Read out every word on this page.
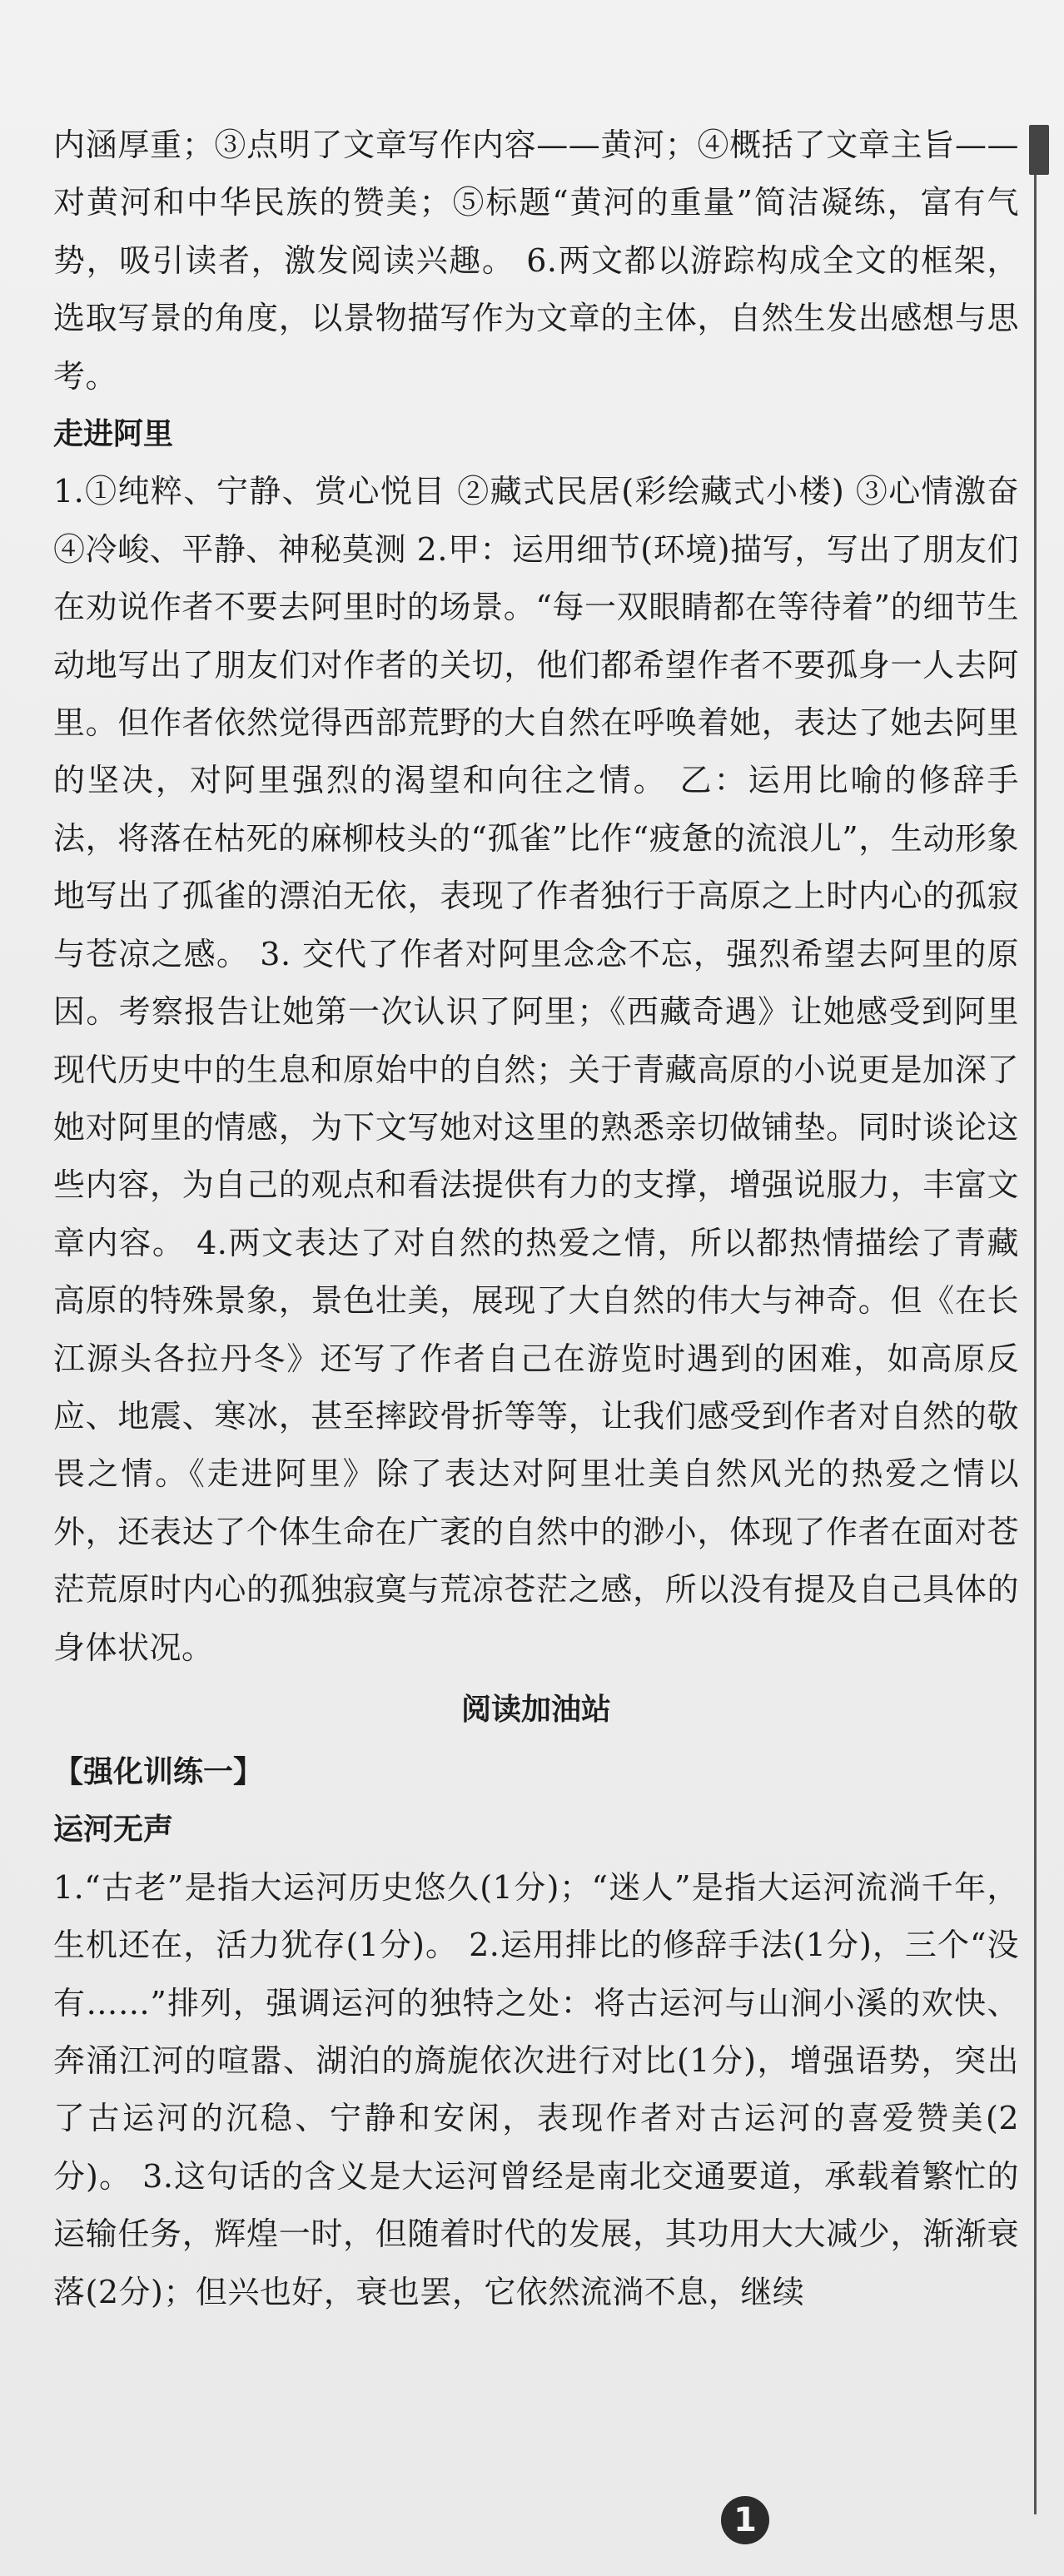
内涵厚重；③点明了文章写作内容——黄河；④概括了文章主旨——对黄河和中华民族的赞美；⑤标题“黄河的重量”简洁凝练，富有气势，吸引读者，激发阅读兴趣。 6.两文都以游踪构成全文的框架，选取写景的角度，以景物描写作为文章的主体，自然生发出感想与思考。

走进阿里

1.①纯粹、宁静、赏心悦目 ②藏式民居(彩绘藏式小楼) ③心情激奋 ④冷峻、平静、神秘莫测 2.甲：运用细节(环境)描写，写出了朋友们在劝说作者不要去阿里时的场景。“每一双眼睛都在等待着”的细节生动地写出了朋友们对作者的关切，他们都希望作者不要孤身一人去阿里。但作者依然觉得西部荒野的大自然在呼唤着她，表达了她去阿里的坚决，对阿里强烈的渴望和向往之情。 乙：运用比喻的修辞手法，将落在枯死的麻柳枝头的“孤雀”比作“疲惫的流浪儿”，生动形象地写出了孤雀的漂泊无依，表现了作者独行于高原之上时内心的孤寂与苍凉之感。 3. 交代了作者对阿里念念不忘，强烈希望去阿里的原因。考察报告让她第一次认识了阿里；《西藏奇遇》让她感受到阿里现代历史中的生息和原始中的自然；关于青藏高原的小说更是加深了她对阿里的情感，为下文写她对这里的熟悉亲切做铺垫。同时谈论这些内容，为自己的观点和看法提供有力的支撑，增强说服力，丰富文章内容。 4.两文表达了对自然的热爱之情，所以都热情描绘了青藏高原的特殊景象，景色壮美，展现了大自然的伟大与神奇。但《在长江源头各拉丹冬》还写了作者自己在游览时遇到的困难，如高原反应、地震、寒冰，甚至摔跤骨折等等，让我们感受到作者对自然的敬畏之情。《走进阿里》除了表达对阿里壮美自然风光的热爱之情以外，还表达了个体生命在广袤的自然中的渺小，体现了作者在面对苍茫荒原时内心的孤独寂寞与荒凉苍茫之感，所以没有提及自己具体的身体状况。

阅读加油站

【强化训练一】

运河无声

1.“古老”是指大运河历史悠久(1分)；“迷人”是指大运河流淌千年，生机还在，活力犹存(1分)。 2.运用排比的修辞手法(1分)，三个“没有……”排列，强调运河的独特之处：将古运河与山涧小溪的欢快、奔涌江河的喧嚣、湖泊的旖旎依次进行对比(1分)，增强语势，突出了古运河的沉稳、宁静和安闲，表现作者对古运河的喜爱赞美(2分)。 3.这句话的含义是大运河曾经是南北交通要道，承载着繁忙的运输任务，辉煌一时，但随着时代的发展，其功用大大减少，渐渐衰落(2分)；但兴也好，衰也罢，它依然流淌不息，继续

1
